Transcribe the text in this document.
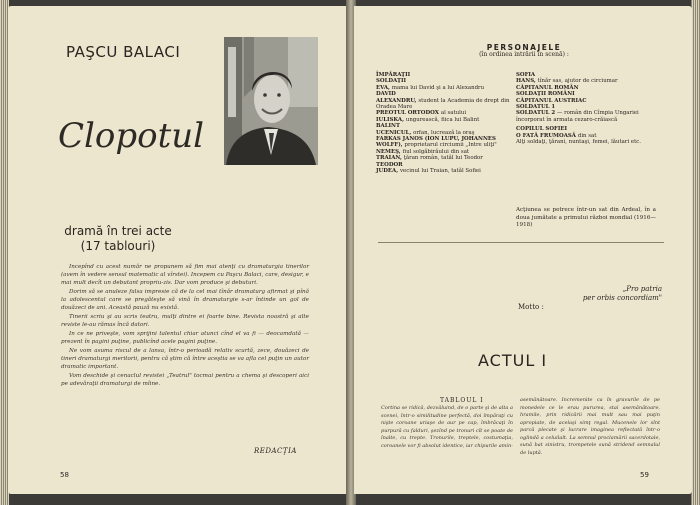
PAŞCU BALACI
Clopotul
dramă în trei acte
(17 tablouri)

Incepînd cu acest număr ne propunem să fim mai atenţi cu dramaturgia tinerilor (avem în vedere sensul matematic al vîrstei). Incepem cu Paşcu Balaci, care, desigur, e mai mult decît un debutant propriu-zis. Dar vom produce şi debuturi.

Dorim să se anuleze falsa impresie că de la cel mai tînăr dramaturg afirmat şi pînă la adolescentul care se pregăteşte să vină în dramaturgie s-ar întinde un gol de douăzeci de ani. Această pauză nu există.

Tinerii scriu şi au scris teatru, mulţi dintre ei foarte bine. Revista noastră şi alte reviste le-au rămas încă datori.

In ce ne priveşte, vom sprijini talentul chiar atunci cînd el va fi — deocamdată — prezent în pagini puţine, publicînd acele pagini puţine.

Ne vom asuma riscul de a lansa, într-o perioadă relativ scurtă, zece, douăzeci de tineri dramaturgi meritorii, pentru că ştim că între aceştia se va afla cel puţin un autor dramatic important.

Vom deschide şi cenaclul revistei „Teatrul" tocmai pentru a chema şi descoperi aici pe adevăraţii dramaturgi de mîine.

REDACŢIA
58
PERSONAJELE
(în ordinea intrării în scenă) :
ÎMPĂRAŢII
SOLDAŢII
EVA, mama lui David şi a lui Alexandru
DAVID
ALEXANDRU, student la Academia de drept din Oradea Mare
PREOTUL ORTODOX al satului
IULISKA, ungurească, fiica lui Balint
BALINT
UCENICUL, orfan, lucrează la oraş
FARKAS JANOS (ION LUPU, JOHANNES WOLFF), proprietarul circiumii „Intre uliţi"
NEMEŞ, fiul solgăbirăului din sat
TRAIAN, ţăran român, tatăl lui Teodor
TEODOR
JUDEA, vecinul lui Traian, tatăl Sofiei
SOFIA
HANS, tînăr sas, ajutor de circiumar
CĂPITANUL ROMÂN
SOLDAŢII ROMÂNI
CĂPITANUL AUSTRIAC
SOLDATUL 1
SOLDATUL 2 — român din Cîmpia Ungariei încorporat în armata cezaro-crăiască
COPILUL SOFIEI
O FATĂ FRUMOASĂ din sat
Alţi soldaţi, ţărani, nuntaşi, femei, lăutari etc.
Acţiunea se petrece într-un sat din Ardeal, în a doua jumătate a primului război mondial (1916—1918)
Motto :
„Pro patria
per orbis concordiam"
ACTUL I
TABLOUL I
Cortina se ridică, dezvăluind, de o parte şi de alta a scenei, într-o similitudine perfectă, doi împăraţi cu nişte coroane uriaşe de aur pe cap, îmbrăcaţi în purpură cu falduri, şezînd pe tronuri cît se poate de înalte, cu trepte. Tronurile, treptele, costumaţia, coroanele vor fi absolut identice, iar chipurile amin-
asemănătoare. Incremenite ca în gravurile de pe monedele ce le erau pururea, stai asemănătoare, hramile, prin ridicării mai mult sau mai puţin apropiate, de acelaşi simţ regal. Mucenele lor sînt parcă plecate şi lucrare imaginea reflectată într-o oglindă a celuilalt. La semnul proclamării sacerdotale, sună bat sinistru, trompetele sună stridend semnalul de luptă.
59
